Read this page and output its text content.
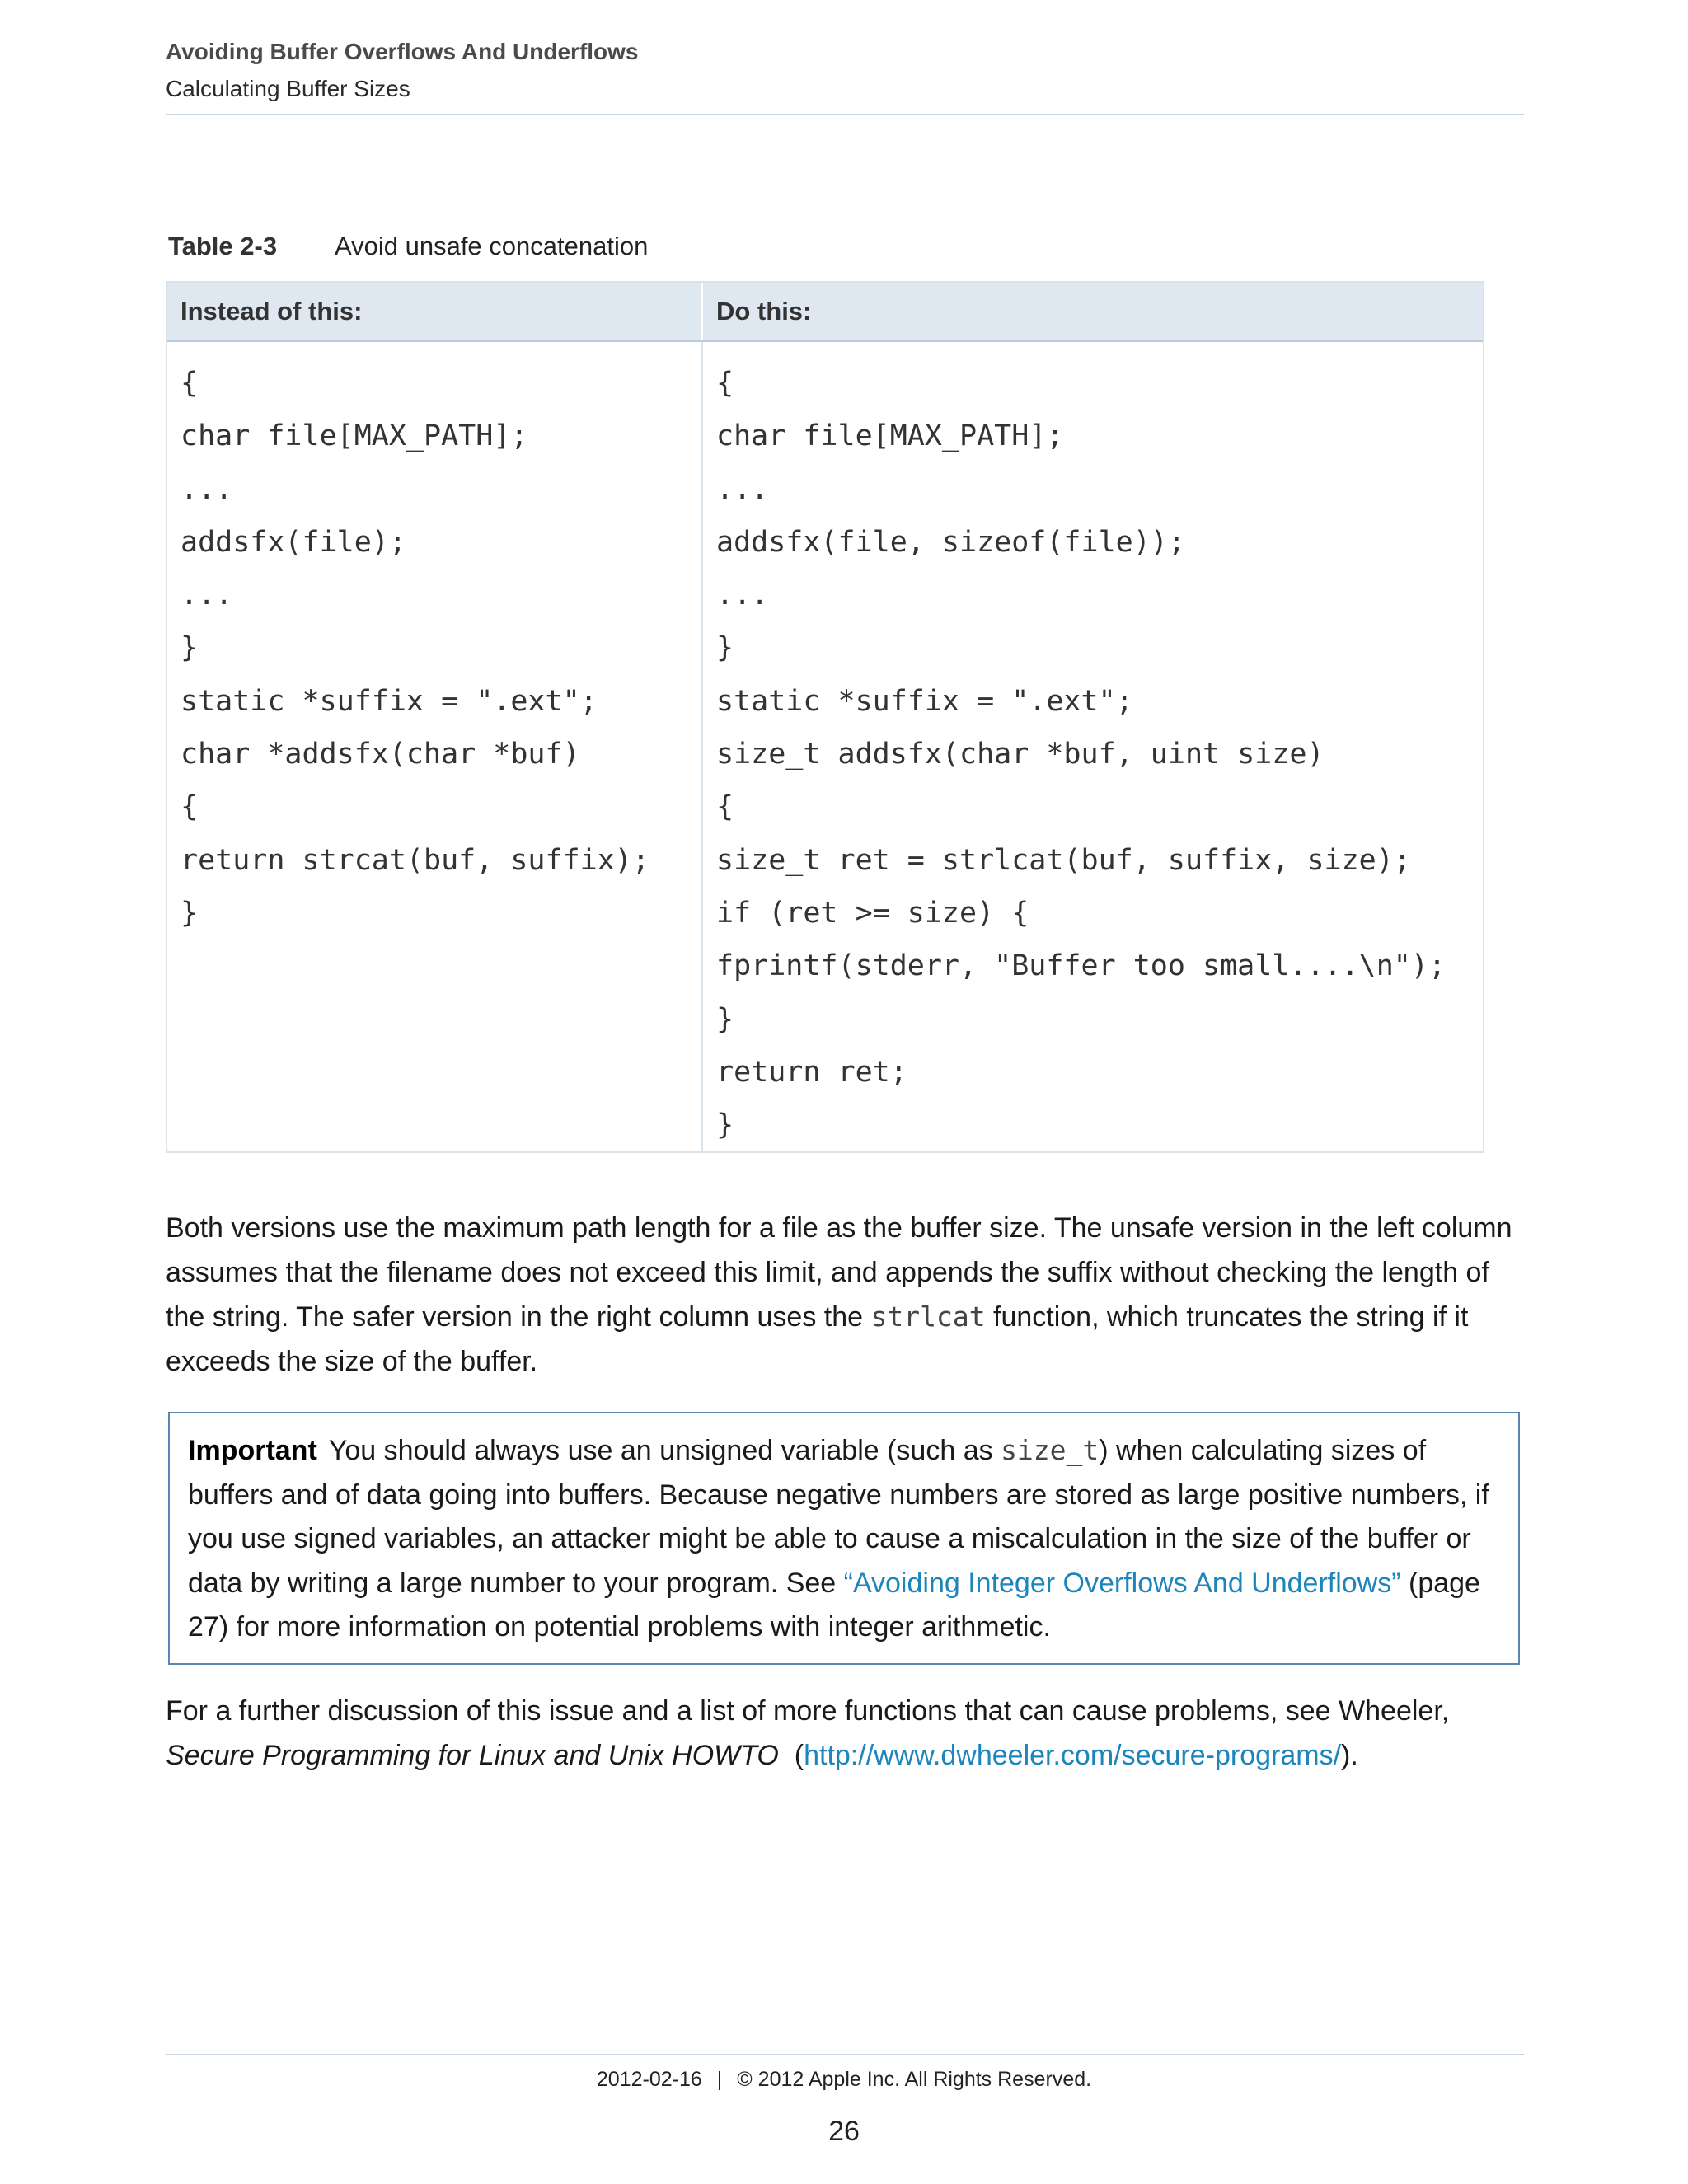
Avoiding Buffer Overflows And Underflows
Calculating Buffer Sizes
Table 2-3 Avoid unsafe concatenation
Instead of this:	Do this:
{
char file[MAX_PATH];
...
addsfx(file);
...
}
static *suffix = ".ext";
char *addsfx(char *buf)
{
return strcat(buf, suffix);
}
{
char file[MAX_PATH];
...
addsfx(file, sizeof(file));
...
}
static *suffix = ".ext";
size_t addsfx(char *buf, uint size)
{
size_t ret = strlcat(buf, suffix, size);
if (ret >= size) {
fprintf(stderr, "Buffer too small....\n");
}
return ret;
}
Both versions use the maximum path length for a file as the buffer size. The unsafe version in the left column assumes that the filename does not exceed this limit, and appends the suffix without checking the length of the string. The safer version in the right column uses the strlcat function, which truncates the string if it exceeds the size of the buffer.
Important You should always use an unsigned variable (such as size_t) when calculating sizes of buffers and of data going into buffers. Because negative numbers are stored as large positive numbers, if you use signed variables, an attacker might be able to cause a miscalculation in the size of the buffer or data by writing a large number to your program. See “Avoiding Integer Overflows And Underflows” (page 27) for more information on potential problems with integer arithmetic.
For a further discussion of this issue and a list of more functions that can cause problems, see Wheeler, Secure Programming for Linux and Unix HOWTO  (http://www.dwheeler.com/secure-programs/).
2012-02-16 | © 2012 Apple Inc. All Rights Reserved.
26
